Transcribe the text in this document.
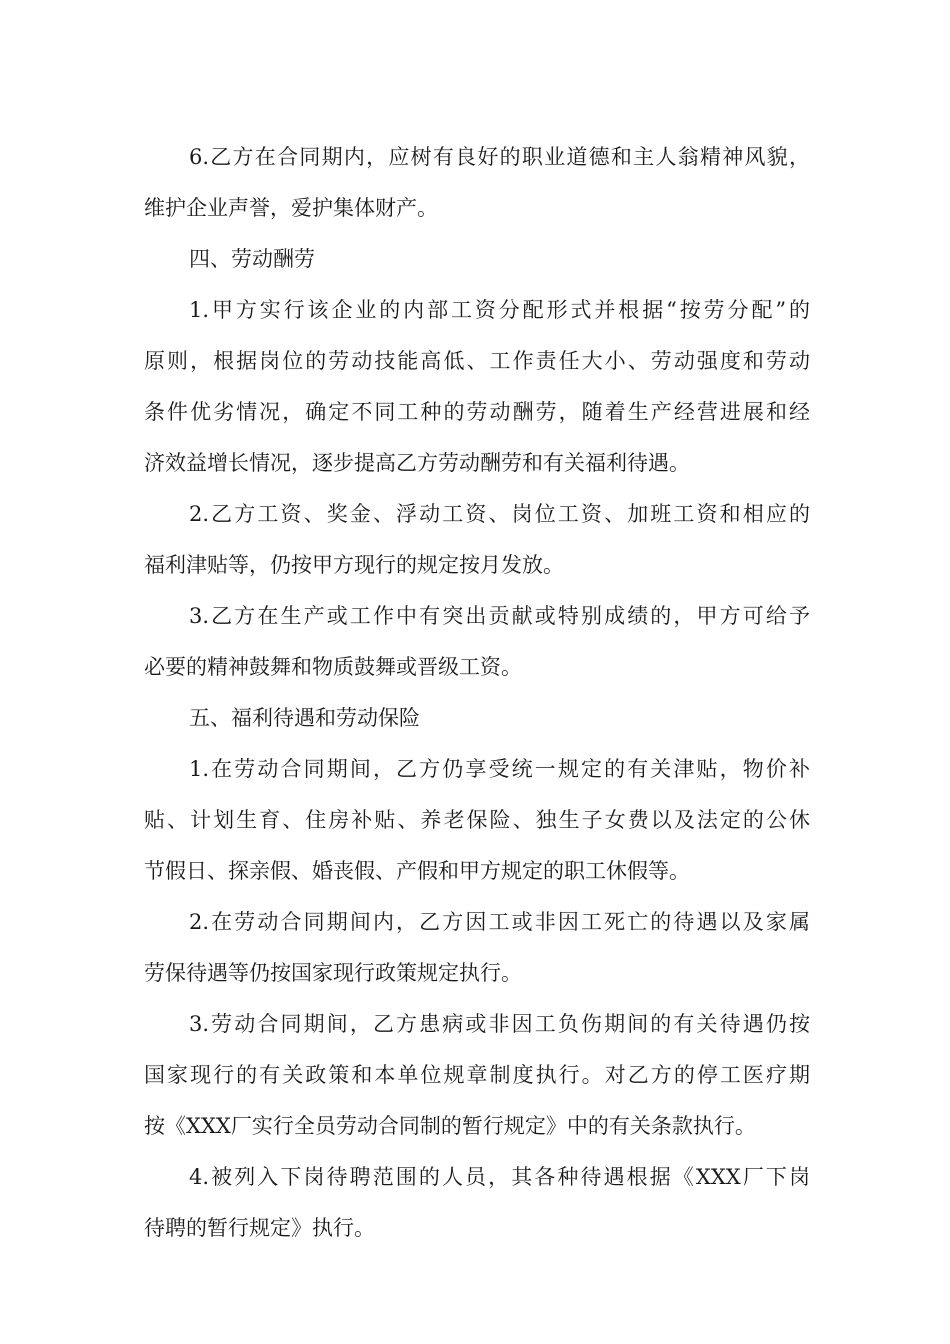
6.乙方在合同期内，应树有良好的职业道德和主人翁精神风貌，
维护企业声誉，爱护集体财产。
四、劳动酬劳
1.甲方实行该企业的内部工资分配形式并根据“按劳分配”的
原则，根据岗位的劳动技能高低、工作责任大小、劳动强度和劳动
条件优劣情况，确定不同工种的劳动酬劳，随着生产经营进展和经
济效益增长情况，逐步提高乙方劳动酬劳和有关福利待遇。
2.乙方工资、奖金、浮动工资、岗位工资、加班工资和相应的
福利津贴等，仍按甲方现行的规定按月发放。
3.乙方在生产或工作中有突出贡献或特别成绩的，甲方可给予
必要的精神鼓舞和物质鼓舞或晋级工资。
五、福利待遇和劳动保险
1.在劳动合同期间，乙方仍享受统一规定的有关津贴，物价补
贴、计划生育、住房补贴、养老保险、独生子女费以及法定的公休
节假日、探亲假、婚丧假、产假和甲方规定的职工休假等。
2.在劳动合同期间内，乙方因工或非因工死亡的待遇以及家属
劳保待遇等仍按国家现行政策规定执行。
3.劳动合同期间，乙方患病或非因工负伤期间的有关待遇仍按
国家现行的有关政策和本单位规章制度执行。对乙方的停工医疗期
按《XXX厂实行全员劳动合同制的暂行规定》中的有关条款执行。
4.被列入下岗待聘范围的人员，其各种待遇根据《XXX厂下岗
待聘的暂行规定》执行。
